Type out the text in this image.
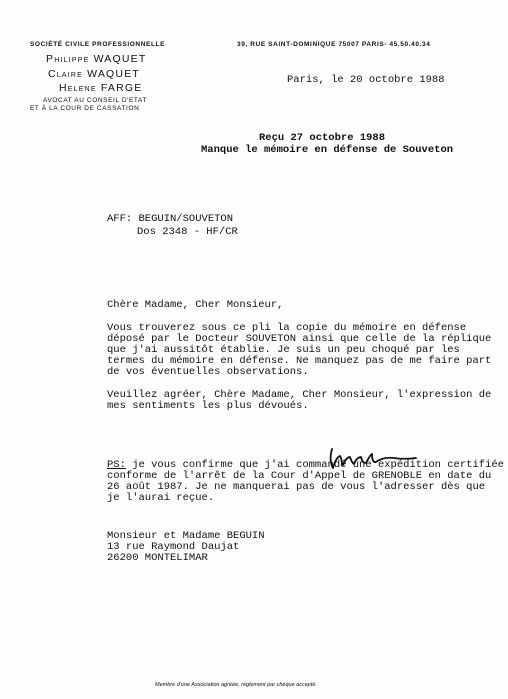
SOCIÉTÉ CIVILE PROFESSIONNELLE
Philippe WAQUET
Claire WAQUET
Helene FARGE
AVOCAT AU CONSEIL D'ETAT
ET À LA COUR DE CASSATION
39, RUE SAINT-DOMINIQUE 75007 PARIS- 45.50.40.34
Paris, le 20 octobre 1988
Reçu 27 octobre 1988
Manque le mémoire en défense de Souveton
AFF: BEGUIN/SOUVETON
Dos 2348 - HF/CR
Chère Madame, Cher Monsieur,
Vous trouverez sous ce pli la copie du mémoire en défense
déposé par le Docteur SOUVETON ainsi que celle de la réplique
que j'ai aussitôt établie. Je suis un peu choqué par les
termes du mémoire en défense. Ne manquez pas de me faire part
de vos éventuelles observations.
Veuillez agréer, Chère Madame, Cher Monsieur, l'expression de
mes sentiments les plus dévoués.
PS: je vous confirme que j'ai commandé une expédition certifiée
conforme de l'arrêt de la Cour d'Appel de GRENOBLE en date du
26 août 1987. Je ne manquerai pas de vous l'adresser dès que
je l'aurai reçue.
Monsieur et Madame BEGUIN
13 rue Raymond Daujat
26200 MONTELIMAR
Membre d'une Association agréée, règlement par chèque accepté.
